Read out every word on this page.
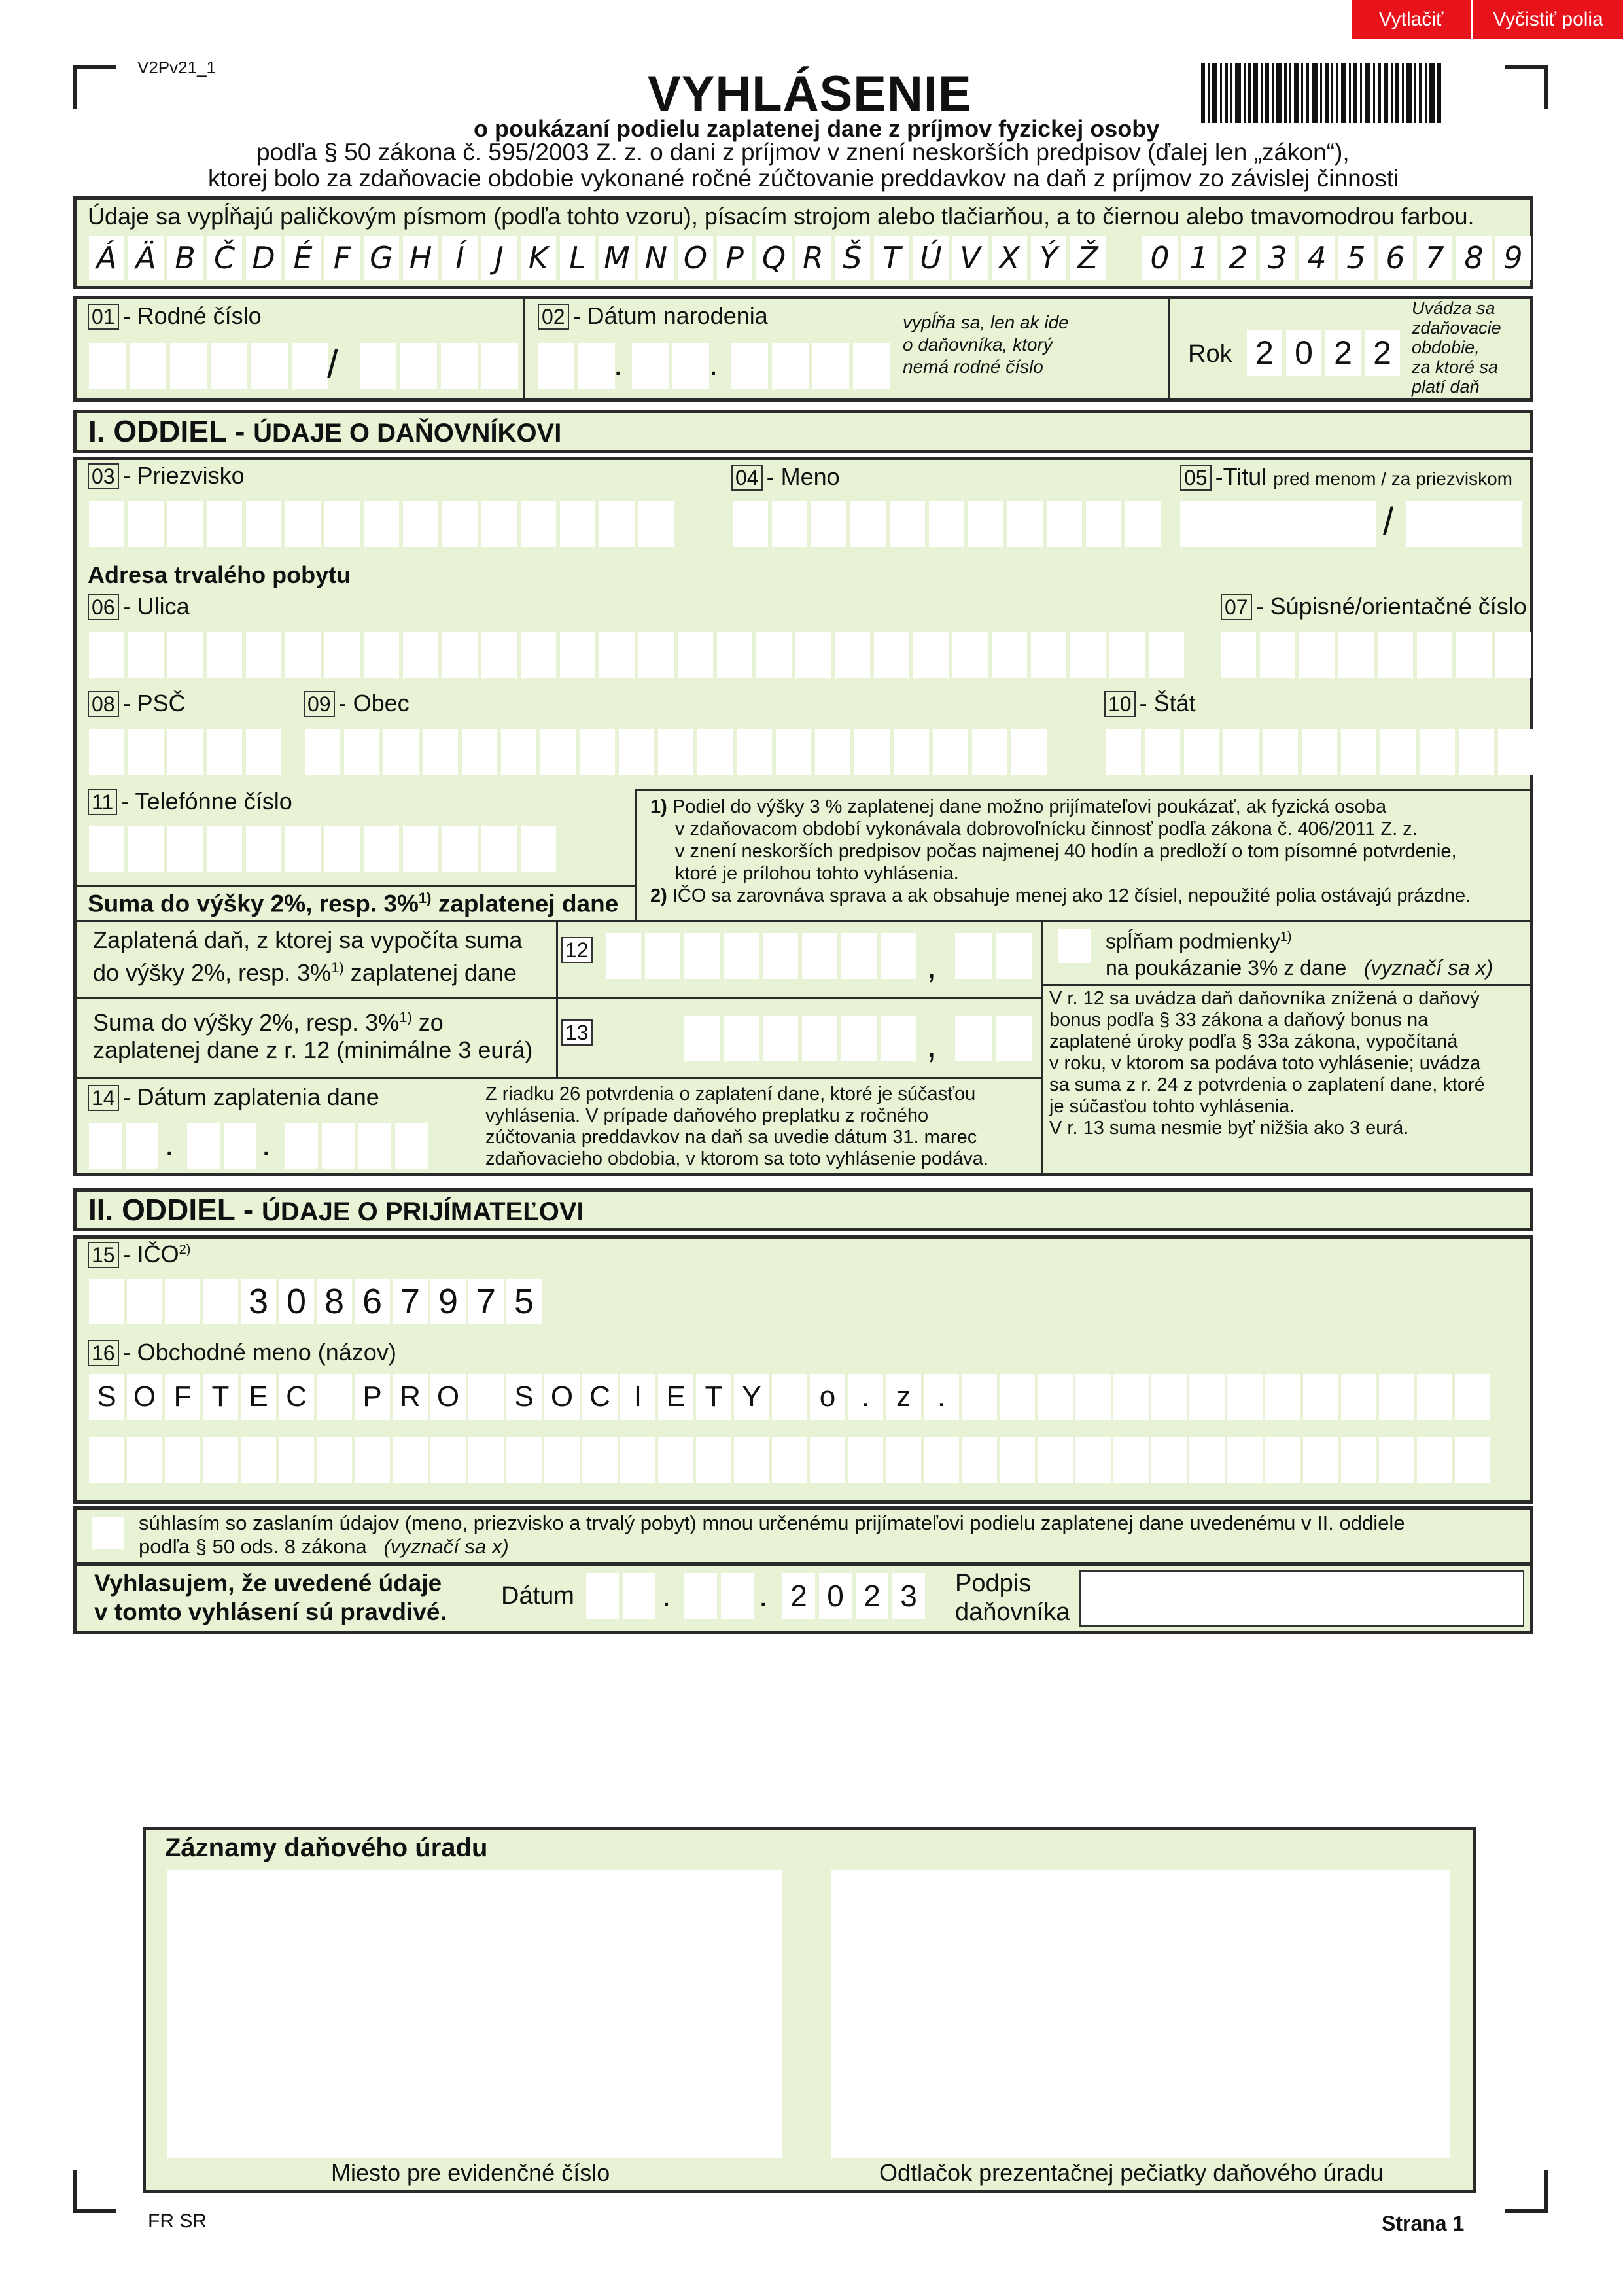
Vytlačiť	Vyčistiť polia
V2Pv21_1	VYHLÁSENIE
o poukázaní podielu zaplatenej dane z príjmov fyzickej osoby
podľa § 50 zákona č. 595/2003 Z. z. o dani z príjmov v znení neskorších predpisov (ďalej len „zákon“),
ktorej bolo za zdaňovacie obdobie vykonané ročné zúčtovanie preddavkov na daň z príjmov zo závislej činnosti
Údaje sa vypĺňajú paličkovým písmom (podľa tohto vzoru), písacím strojom alebo tlačiarňou, a to čiernou alebo tmavomodrou farbou.
Á Ä B Č D É F G H Í	J K L M N O P Q R Š T Ú V X Ý Ž 0 1 2 3 4 5 6 7 8 9
01 - Rodné číslo
/
02 - Dátum narodenia
.	.
vypĺňa sa, len ak ide
o daňovníka, ktorý
nemá rodné číslo	Rok 2 0 2 2
Uvádza sa
zdaňovacie
obdobie,
za ktoré sa
platí daň
I. ODDIEL - ÚDAJE O DAŇOVNÍKOVI
03 - Priezvisko	04 - Meno	05 -Titul pred menom / za priezviskom
/
Adresa trvalého pobytu
06 - Ulica	07 - Súpisné/orientačné číslo
08 - PSČ	09 - Obec	10 - Štát
11 - Telefónne číslo	1) Podiel do výšky 3 % zaplatenej dane možno prijímateľovi poukázať, ak fyzická osoba
v zdaňovacom období vykonávala dobrovoľnícku činnosť podľa zákona č. 406/2011 Z. z.
v znení neskorších predpisov počas najmenej 40 hodín a predloží o tom písomné potvrdenie,
ktoré je prílohou tohto vyhlásenia.
2) IČO sa zarovnáva sprava a ak obsahuje menej ako 12 čísiel, nepoužité polia ostávajú prázdne.
Suma do výšky 2%, resp. 3%$^{1)}$ zaplatenej dane
Zaplatená daň, z ktorej sa vypočíta suma
do výšky 2%, resp. 3%$^{1)}$ zaplatenej dane
12	,
spĺňam podmienky$^{1)}$
na poukázanie 3% z dane (vyznačí sa x)
Suma do výšky 2%, resp. 3%$^{1)}$ zo
zaplatenej dane z r. 12 (minimálne 3 eurá)
13	,
V r. 12 sa uvádza daň daňovníka znížená o daňový
bonus podľa § 33 zákona a daňový bonus na
zaplatené úroky podľa § 33a zákona, vypočítaná
v roku, v ktorom sa podáva toto vyhlásenie; uvádza
sa suma z r. 24 z potvrdenia o zaplatení dane, ktoré
je súčasťou tohto vyhlásenia.
V r. 13 suma nesmie byť nižšia ako 3 eurá.
14 - Dátum zaplatenia dane
.	.
Z riadku 26 potvrdenia o zaplatení dane, ktoré je súčasťou
vyhlásenia. V prípade daňového preplatku z ročného
zúčtovania preddavkov na daň sa uvedie dátum 31. marec
zdaňovacieho obdobia, v ktorom sa toto vyhlásenie podáva.
II. ODDIEL - ÚDAJE O PRIJÍMATEĽOVI
15 - IČO$^{2)}$
3 0 8 6 7 9 7 5
16 - Obchodné meno (názov)
S O F T E C P R O S O C I E T Y	o . z .
súhlasím so zaslaním údajov (meno, priezvisko a trvalý pobyt) mnou určenému prijímateľovi podielu zaplatenej dane uvedenému v II. oddiele
podľa § 50 ods. 8 zákona (vyznačí sa x)
Vyhlasujem, že uvedené údaje
v tomto vyhlásení sú pravdivé.
Dátum	.	. 2 0 2 3	Podpis
daňovníka
Záznamy daňového úradu
Miesto pre evidenčné číslo	Odtlačok prezentačnej pečiatky daňového úradu
FR SR	Strana 1
